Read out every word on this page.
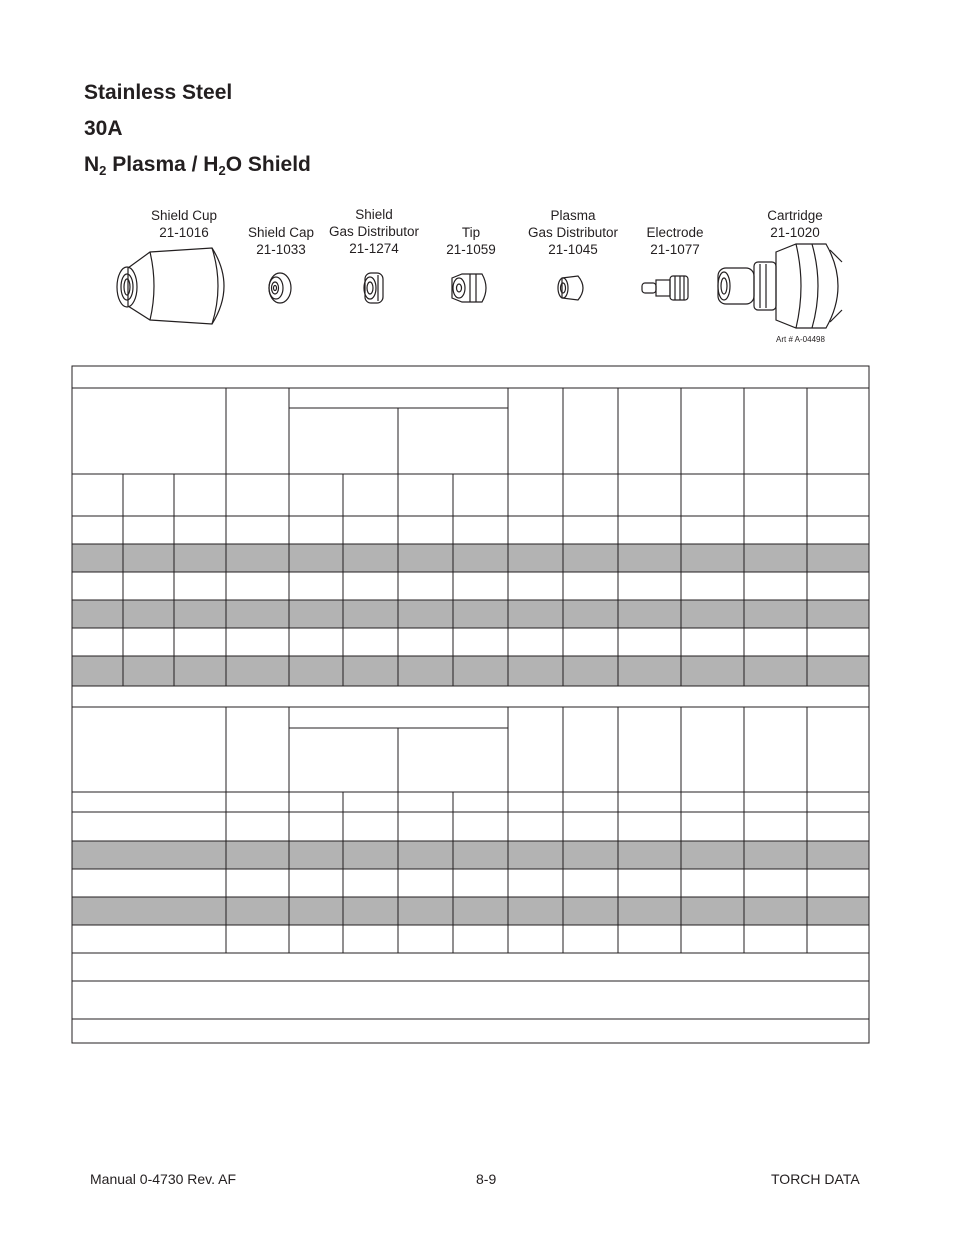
Stainless Steel
30A
$N_2$ Plasma / $H_2O$ Shield
Shield Cup
21-1016	Shield Cap
21-1033
Shield
Gas Distributor
21-1274
Tip
21-1059
Plasma
Gas Distributor
21-1045
Electrode
21-1077
Cartridge
21-1020
Art # A-04498
Manual 0-4730 Rev. AF	8-9	TORCH DATA
